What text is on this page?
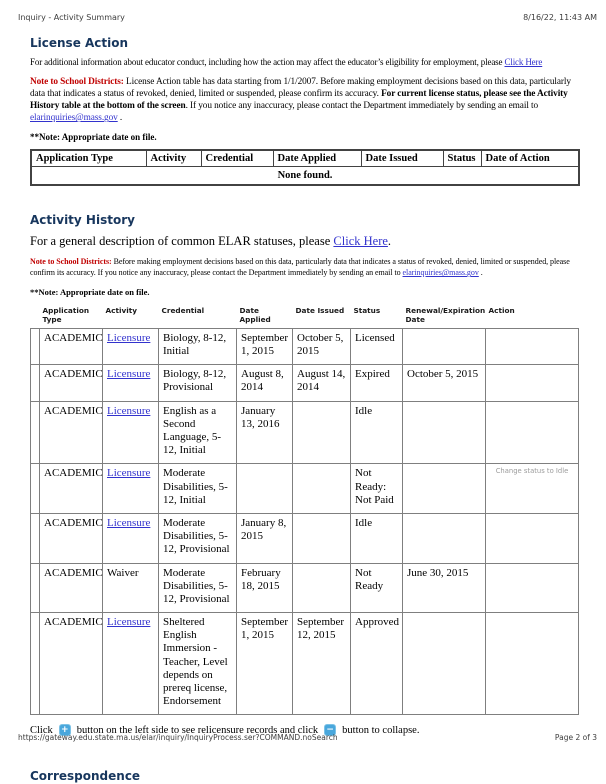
Inquiry - Activity Summary	8/16/22, 11:43 AM
License Action

For additional information about educator conduct, including how the action may affect the educator’s eligibility for employment, please Click Here

Note to School Districts: License Action table has data starting from 1/1/2007. Before making employment decisions based on this data, particularly data that indicates a status of revoked, denied, limited or suspended, please confirm its accuracy. For current license status, please see the Activity History table at the bottom of the screen. If you notice any inaccuracy, please contact the Department immediately by sending an email to elarinquiries@mass.gov .

**Note: Appropriate date on file.

Application Type	Activity	Credential	Date Applied	Date Issued	Status	Date of Action
None found.
Activity History

For a general description of common ELAR statuses, please Click Here.

Note to School Districts: Before making employment decisions based on this data, particularly data that indicates a status of revoked, denied, limited or suspended, please confirm its accuracy. If you notice any inaccuracy, please contact the Department immediately by sending an email to elarinquiries@mass.gov .

**Note: Appropriate date on file.

	Application Type	Activity	Credential	Date Applied	Date Issued	Status	Renewal/Expiration Date	Action
	ACADEMIC	Licensure	Biology, 8-12, Initial	September 1, 2015	October 5, 2015	Licensed		
	ACADEMIC	Licensure	Biology, 8-12, Provisional	August 8, 2014	August 14, 2014	Expired	October 5, 2015	
	ACADEMIC	Licensure	English as a Second Language, 5-12, Initial	January 13, 2016		Idle		
	ACADEMIC	Licensure	Moderate Disabilities, 5-12, Initial			Not Ready: Not Paid		Change status to Idle

	ACADEMIC	Licensure	Moderate Disabilities, 5-12, Provisional	January 8, 2015		Idle		
	ACADEMIC	Waiver	Moderate Disabilities, 5-12, Provisional	February 18, 2015		Not Ready	June 30, 2015	
	ACADEMIC	Licensure	Sheltered English Immersion - Teacher, Level depends on prereq license, Endorsement	September 1, 2015	September 12, 2015	Approved		
Click + button on the left side to see relicensure records and click − button to collapse.
Correspondence
https://gateway.edu.state.ma.us/elar/inquiry/InquiryProcess.ser?COMMAND.noSearch	Page 2 of 3
